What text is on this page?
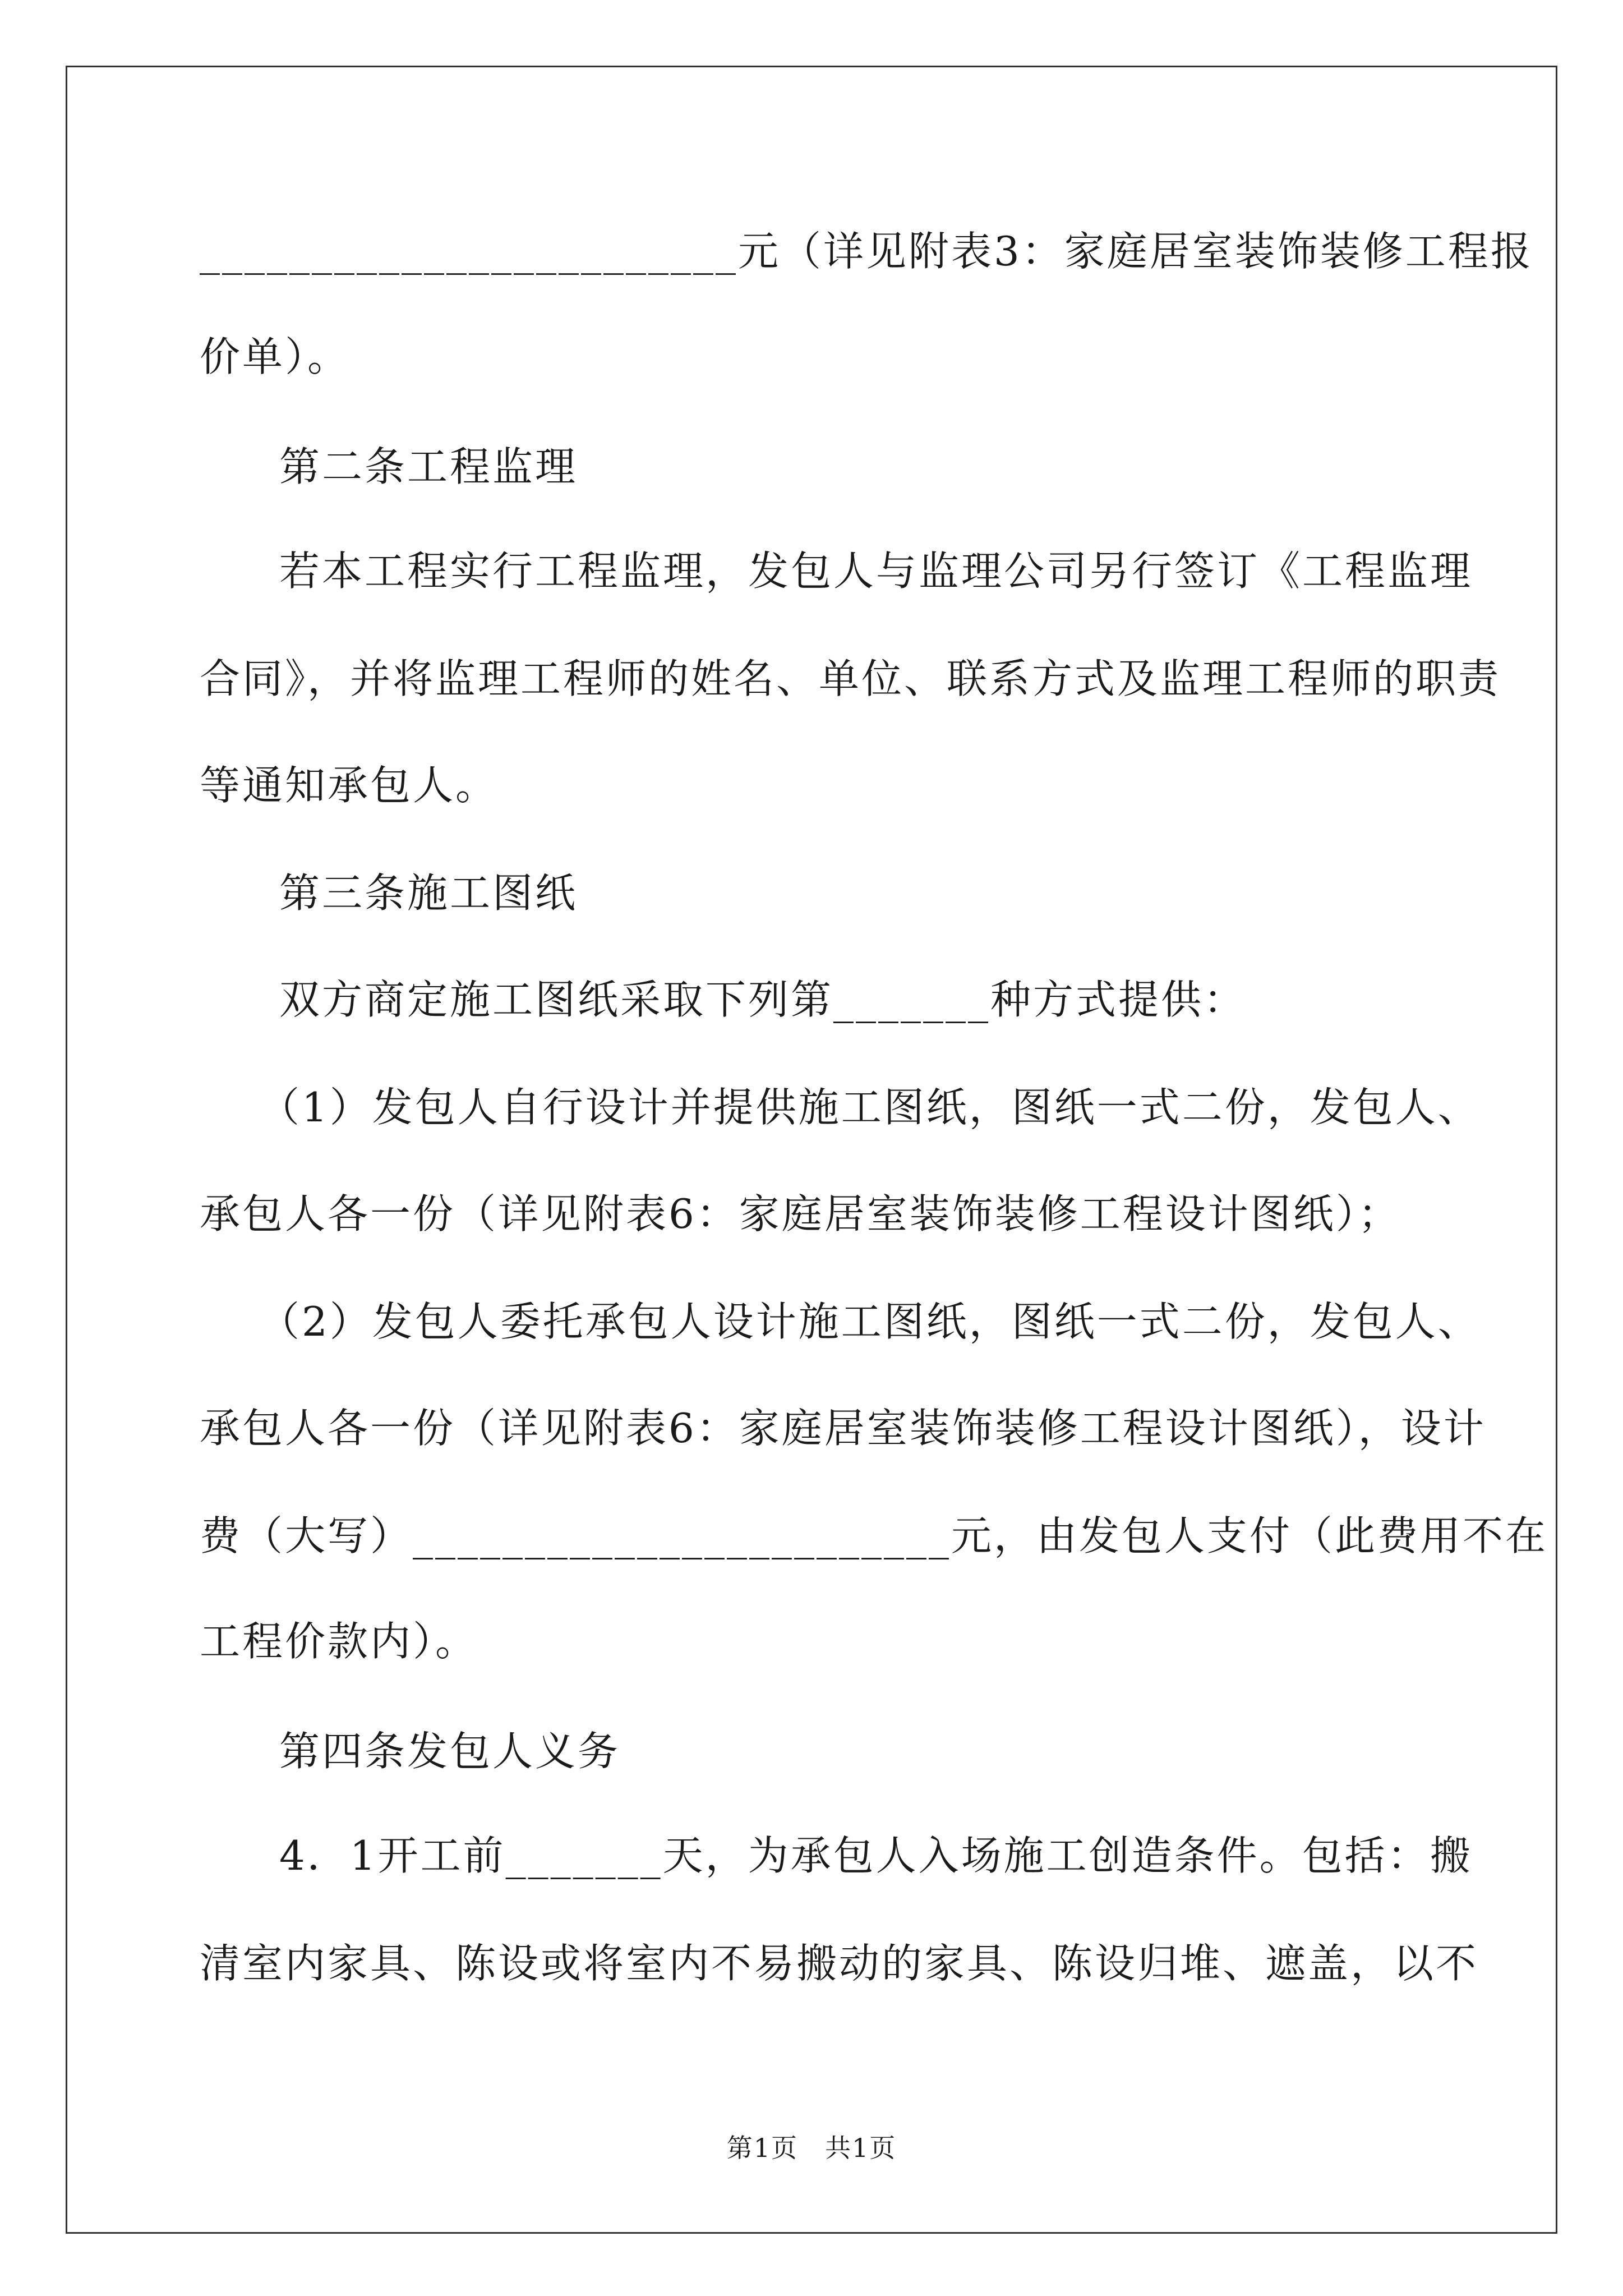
________________________元（详见附表3：家庭居室装饰装修工程报
价单）。
第二条工程监理
若本工程实行工程监理，发包人与监理公司另行签订《工程监理
合同》，并将监理工程师的姓名、单位、联系方式及监理工程师的职责
等通知承包人。
第三条施工图纸
双方商定施工图纸采取下列第_______种方式提供：
（1）发包人自行设计并提供施工图纸，图纸一式二份，发包人、
承包人各一份（详见附表6：家庭居室装饰装修工程设计图纸）；
（2）发包人委托承包人设计施工图纸，图纸一式二份，发包人、
承包人各一份（详见附表6：家庭居室装饰装修工程设计图纸），设计
费（大写）________________________元，由发包人支付（此费用不在
工程价款内）。
第四条发包人义务
4．1开工前_______天，为承包人入场施工创造条件。包括：搬
清室内家具、陈设或将室内不易搬动的家具、陈设归堆、遮盖，以不
第1页　共1页
